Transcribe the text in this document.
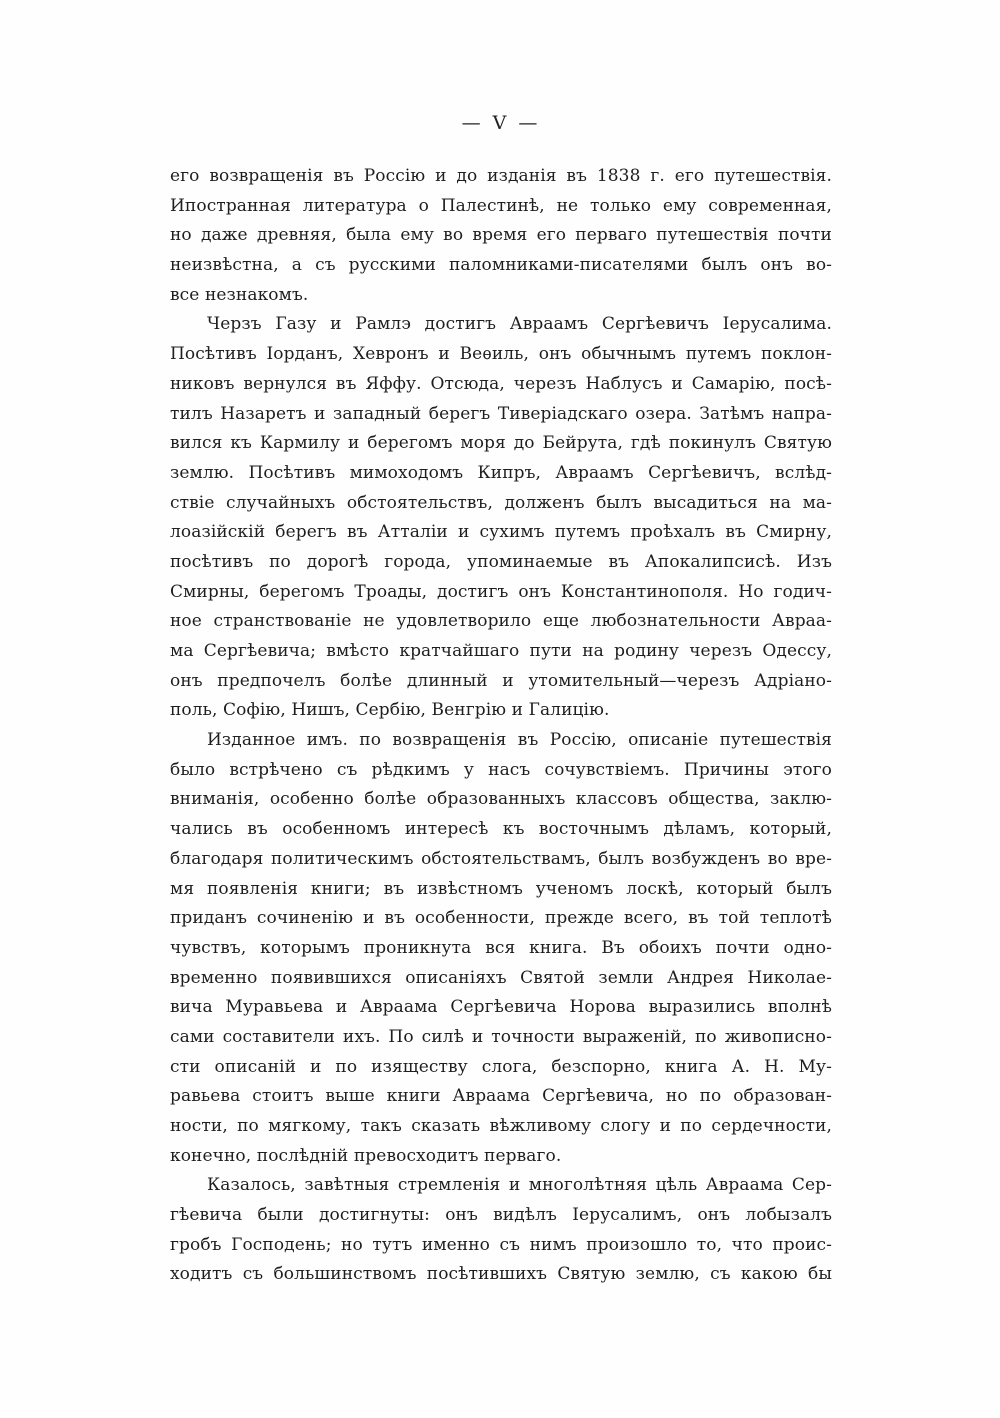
— V —
его возвращенія въ Россію и до изданія въ 1838 г. его путешествія.
Ипостранная литература о Палестинѣ, не только ему современная,
но даже древняя, была ему во время его перваго путешествія почти
неизвѣстна, а съ русскими паломниками-писателями былъ онъ во-
все незнакомъ.
Черзъ Газу и Рамлэ достигъ Авраамъ Сергѣевичъ Іерусалима.
Посѣтивъ Іорданъ, Хевронъ и Веѳиль, онъ обычнымъ путемъ поклон-
никовъ вернулся въ Яффу. Отсюда, черезъ Наблусъ и Самарію, посѣ-
тилъ Назаретъ и западный берегъ Тиверіадскаго озера. Затѣмъ напра-
вился къ Кармилу и берегомъ моря до Бейрута, гдѣ покинулъ Святую
землю. Посѣтивъ мимоходомъ Кипръ, Авраамъ Сергѣевичъ, вслѣд-
ствіе случайныхъ обстоятельствъ, долженъ былъ высадиться на ма-
лоазійскій берегъ въ Атталіи и сухимъ путемъ проѣхалъ въ Смирну,
посѣтивъ по дорогѣ города, упоминаемые въ Апокалипсисѣ. Изъ
Смирны, берегомъ Троады, достигъ онъ Константинополя. Но годич-
ное странствованіе не удовлетворило еще любознательности Авраа-
ма Сергѣевича; вмѣсто кратчайшаго пути на родину черезъ Одессу,
онъ предпочелъ болѣе длинный и утомительный—черезъ Адріано-
поль, Софію, Нишъ, Сербію, Венгрію и Галицію.
Изданное имъ. по возвращенія въ Россію, описаніе путешествія
было встрѣчено съ рѣдкимъ у насъ сочувствіемъ. Причины этого
вниманія, особенно болѣе образованныхъ классовъ общества, заклю-
чались въ особенномъ интересѣ къ восточнымъ дѣламъ, который,
благодаря политическимъ обстоятельствамъ, былъ возбужденъ во вре-
мя появленія книги; въ извѣстномъ ученомъ лоскѣ, который былъ
приданъ сочиненію и въ особенности, прежде всего, въ той теплотѣ
чувствъ, которымъ проникнута вся книга. Въ обоихъ почти одно-
временно появившихся описаніяхъ Святой земли Андрея Николае-
вича Муравьева и Авраама Сергѣевича Норова выразились вполнѣ
сами составители ихъ. По силѣ и точности выраженій, по живописно-
сти описаній и по изяществу слога, безспорно, книга А. Н. Му-
равьева стоитъ выше книги Авраама Сергѣевича, но по образован-
ности, по мягкому, такъ сказать вѣжливому слогу и по сердечности,
конечно, послѣдній превосходитъ перваго.
Казалось, завѣтныя стремленія и многолѣтняя цѣль Авраама Сер-
гѣевича были достигнуты: онъ видѣлъ Іерусалимъ, онъ лобызалъ
гробъ Господень; но тутъ именно съ нимъ произошло то, что проис-
ходитъ съ большинствомъ посѣтившихъ Святую землю, съ какою бы
